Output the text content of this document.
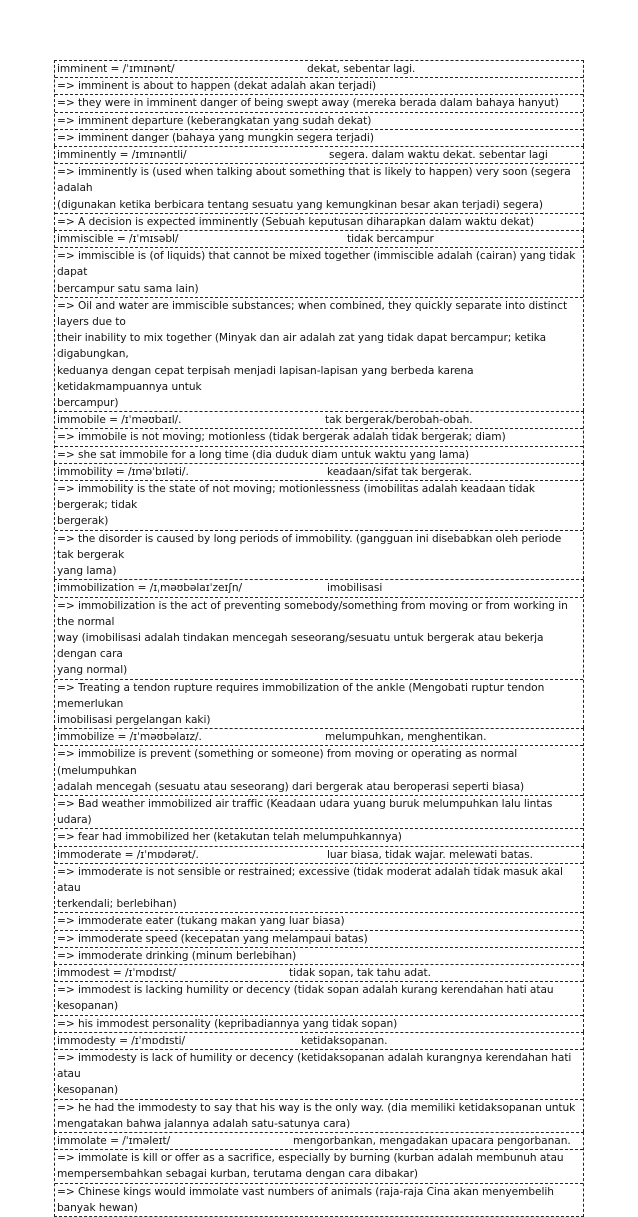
imminent = /ˈɪmɪnənt/	dekat, sebentar lagi.
=> imminent is about to happen (dekat adalah akan terjadi)
=> they were in imminent danger of being swept away (mereka berada dalam bahaya hanyut)
=> imminent departure (keberangkatan yang sudah dekat)
=> imminent danger (bahaya yang mungkin segera terjadi)
imminently = /ɪmɪnəntli/	segera. dalam waktu dekat. sebentar lagi
=> imminently is (used when talking about something that is likely to happen) very soon (segera adalah
(digunakan ketika berbicara tentang sesuatu yang kemungkinan besar akan terjadi) segera)
=> A decision is expected imminently (Sebuah keputusan diharapkan dalam waktu dekat)
immiscible = /ɪˈmɪsəbl/	tidak bercampur
=> immiscible is (of liquids) that cannot be mixed together (immiscible adalah (cairan) yang tidak dapat
bercampur satu sama lain)
=> Oil and water are immiscible substances; when combined, they quickly separate into distinct layers due to
their inability to mix together (Minyak dan air adalah zat yang tidak dapat bercampur; ketika digabungkan,
keduanya dengan cepat terpisah menjadi lapisan-lapisan yang berbeda karena ketidakmampuannya untuk
bercampur)
immobile = /ɪˈməʊbaɪl/.	tak bergerak/berobah-obah.
=> immobile is not moving; motionless (tidak bergerak adalah tidak bergerak; diam)
=> she sat immobile for a long time (dia duduk diam untuk waktu yang lama)
immobility = /ɪməˈbɪləti/.	keadaan/sifat tak bergerak.
=> immobility is the state of not moving; motionlessness (imobilitas adalah keadaan tidak bergerak; tidak
bergerak)
=> the disorder is caused by long periods of immobility. (gangguan ini disebabkan oleh periode tak bergerak
yang lama)
immobilization = /ɪˌməʊbəlaɪˈzeɪʃn/	imobilisasi
=> immobilization is the act of preventing somebody/something from moving or from working in the normal
way (imobilisasi adalah tindakan mencegah seseorang/sesuatu untuk bergerak atau bekerja dengan cara
yang normal)
=> Treating a tendon rupture requires immobilization of the ankle (Mengobati ruptur tendon memerlukan
imobilisasi pergelangan kaki)
immobilize = /ɪˈməʊbəlaɪz/.	melumpuhkan, menghentikan.
=> immobilize is prevent (something or someone) from moving or operating as normal (melumpuhkan
adalah mencegah (sesuatu atau seseorang) dari bergerak atau beroperasi seperti biasa)
=> Bad weather immobilized air traffic (Keadaan udara yuang buruk melumpuhkan lalu lintas udara)
=> fear had immobilized her (ketakutan telah melumpuhkannya)
immoderate = /ɪˈmɒdərət/.	luar biasa, tidak wajar. melewati batas.
=> immoderate is not sensible or restrained; excessive (tidak moderat adalah tidak masuk akal atau
terkendali; berlebihan)
=> immoderate eater (tukang makan yang luar biasa)
=> immoderate speed (kecepatan yang melampaui batas)
=> immoderate drinking (minum berlebihan)
immodest = /ɪˈmɒdɪst/	tidak sopan, tak tahu adat.
=> immodest is lacking humility or decency (tidak sopan adalah kurang kerendahan hati atau kesopanan)
=> his immodest personality (kepribadiannya yang tidak sopan)
immodesty = /ɪˈmɒdɪsti/	ketidaksopanan.
=> immodesty is lack of humility or decency (ketidaksopanan adalah kurangnya kerendahan hati atau
kesopanan)
=> he had the immodesty to say that his way is the only way. (dia memiliki ketidaksopanan untuk
mengatakan bahwa jalannya adalah satu-satunya cara)
immolate = /ˈɪməleɪt/	mengorbankan, mengadakan upacara pengorbanan.
=> immolate is kill or offer as a sacrifice, especially by burning (kurban adalah membunuh atau
mempersembahkan sebagai kurban, terutama dengan cara dibakar)
=> Chinese kings would immolate vast numbers of animals (raja-raja Cina akan menyembelih banyak hewan)
